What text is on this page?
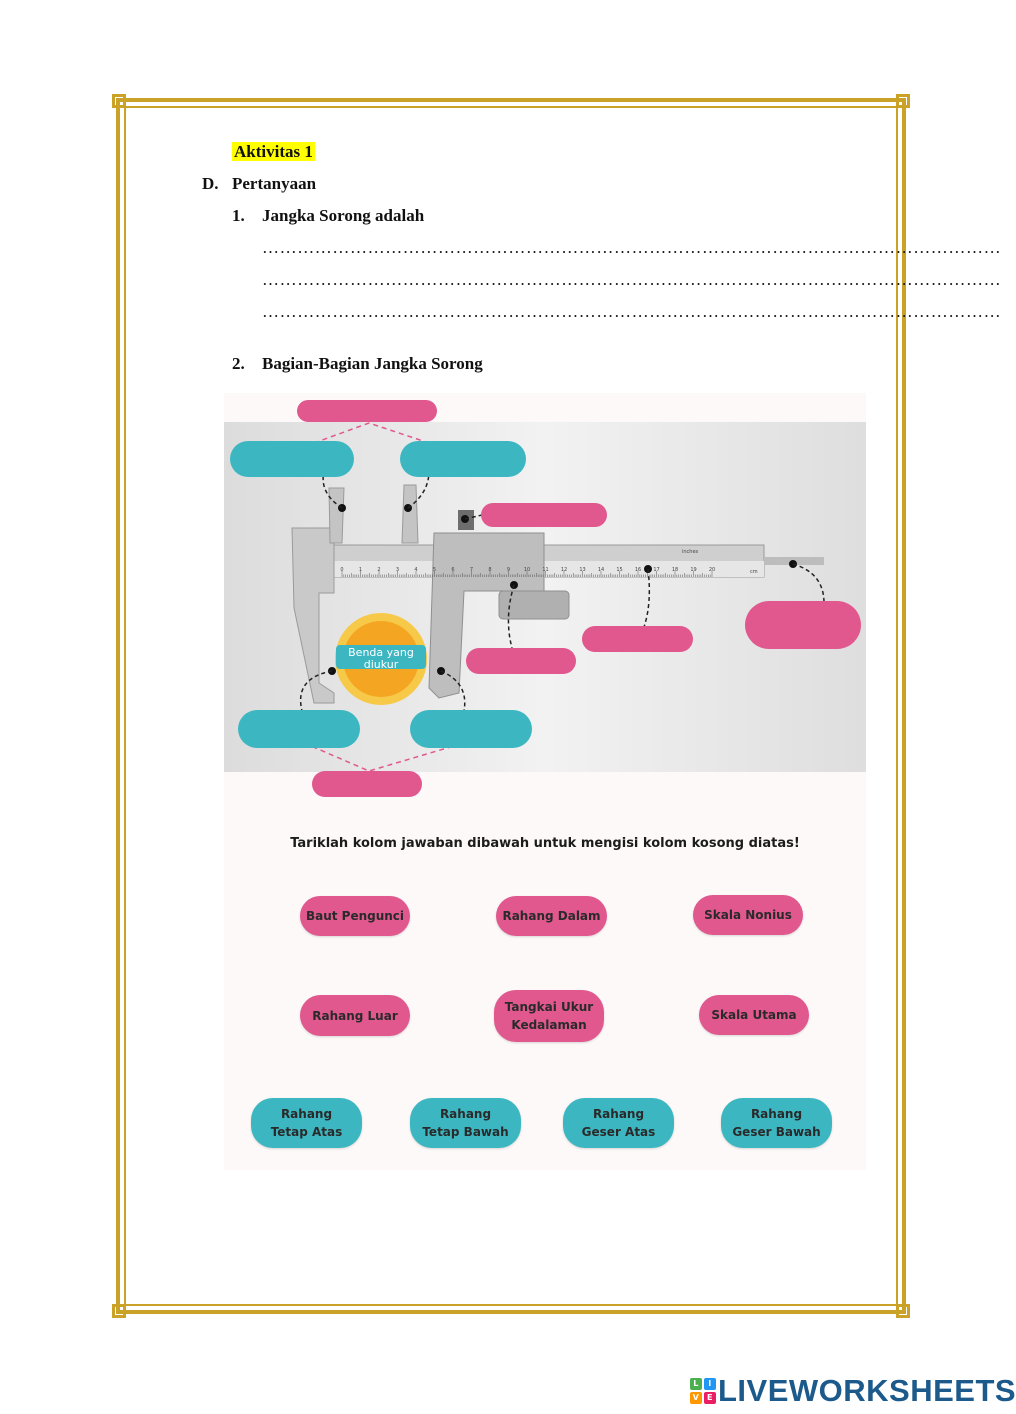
Aktivitas 1
D. Pertanyaan
1. Jangka Sorong adalah
………………………………………………………………………………………………………………
………………………………………………………………………………………………………………
………………………………………………………………………………………………………………
2. Bagian-Bagian Jangka Sorong
Benda yang
diukur
0	1	2	3	4	5	6	7	8	9	10 11 12 13 14 15 16 17 18 19 20
inches
cm
Tariklah kolom jawaban dibawah untuk mengisi kolom kosong diatas!
Baut Pengunci	Rahang Dalam	Skala Nonius
Rahang Luar
Tangkai Ukur Kedalaman
Skala Utama
Rahang Tetap Atas
Rahang Tetap Bawah
Rahang Geser Atas
Rahang Geser Bawah
L	I
V E LIVEWORKSHEETS
